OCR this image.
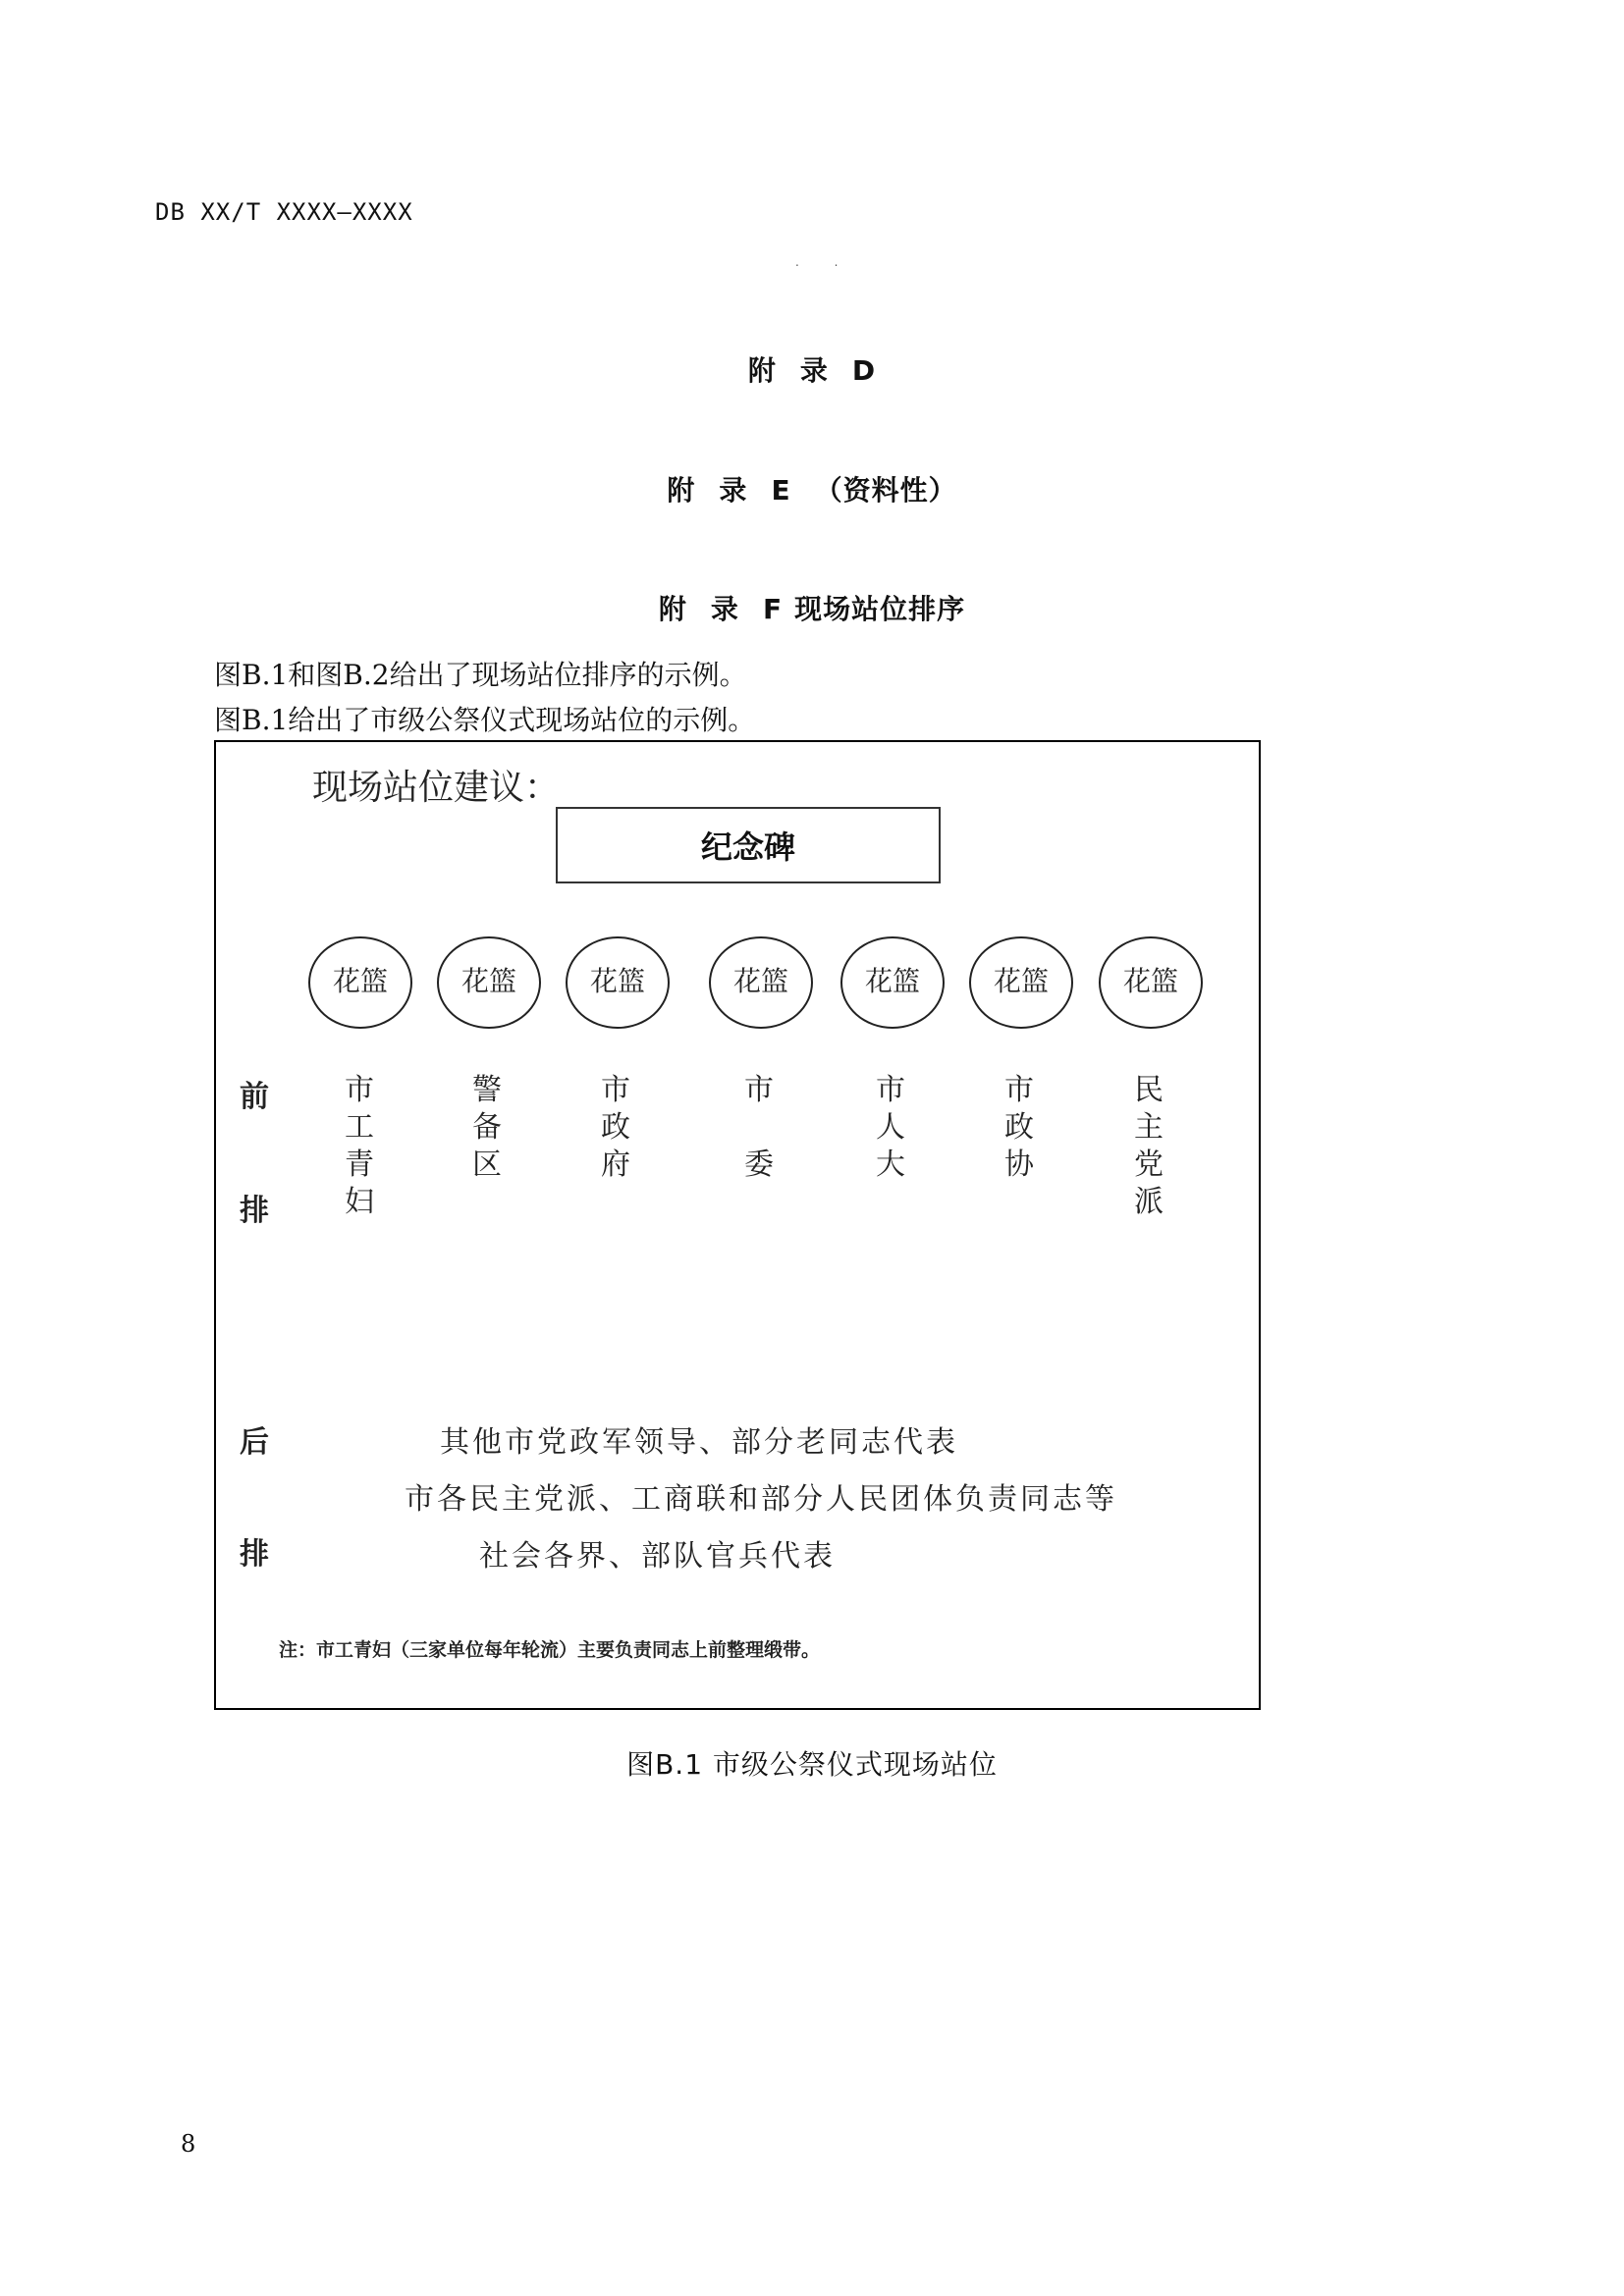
DB XX/T XXXX—XXXX
. .
附 录 D
附 录 E （资料性）
附 录 F 现场站位排序
图B.1和图B.2给出了现场站位排序的示例。
图B.1给出了市级公祭仪式现场站位的示例。
现场站位建议：
纪念碑
花篮	花篮	花篮	花篮	花篮	花篮	花篮
前
排
市
工
青
妇
警
备
区
市
政
府
市
委
市
人
大
市
政
协
民
主
党
派
后
排
其他市党政军领导、部分老同志代表
市各民主党派、工商联和部分人民团体负责同志等
社会各界、部队官兵代表
注：市工青妇（三家单位每年轮流）主要负责同志上前整理缎带。
图B.1 市级公祭仪式现场站位
8
